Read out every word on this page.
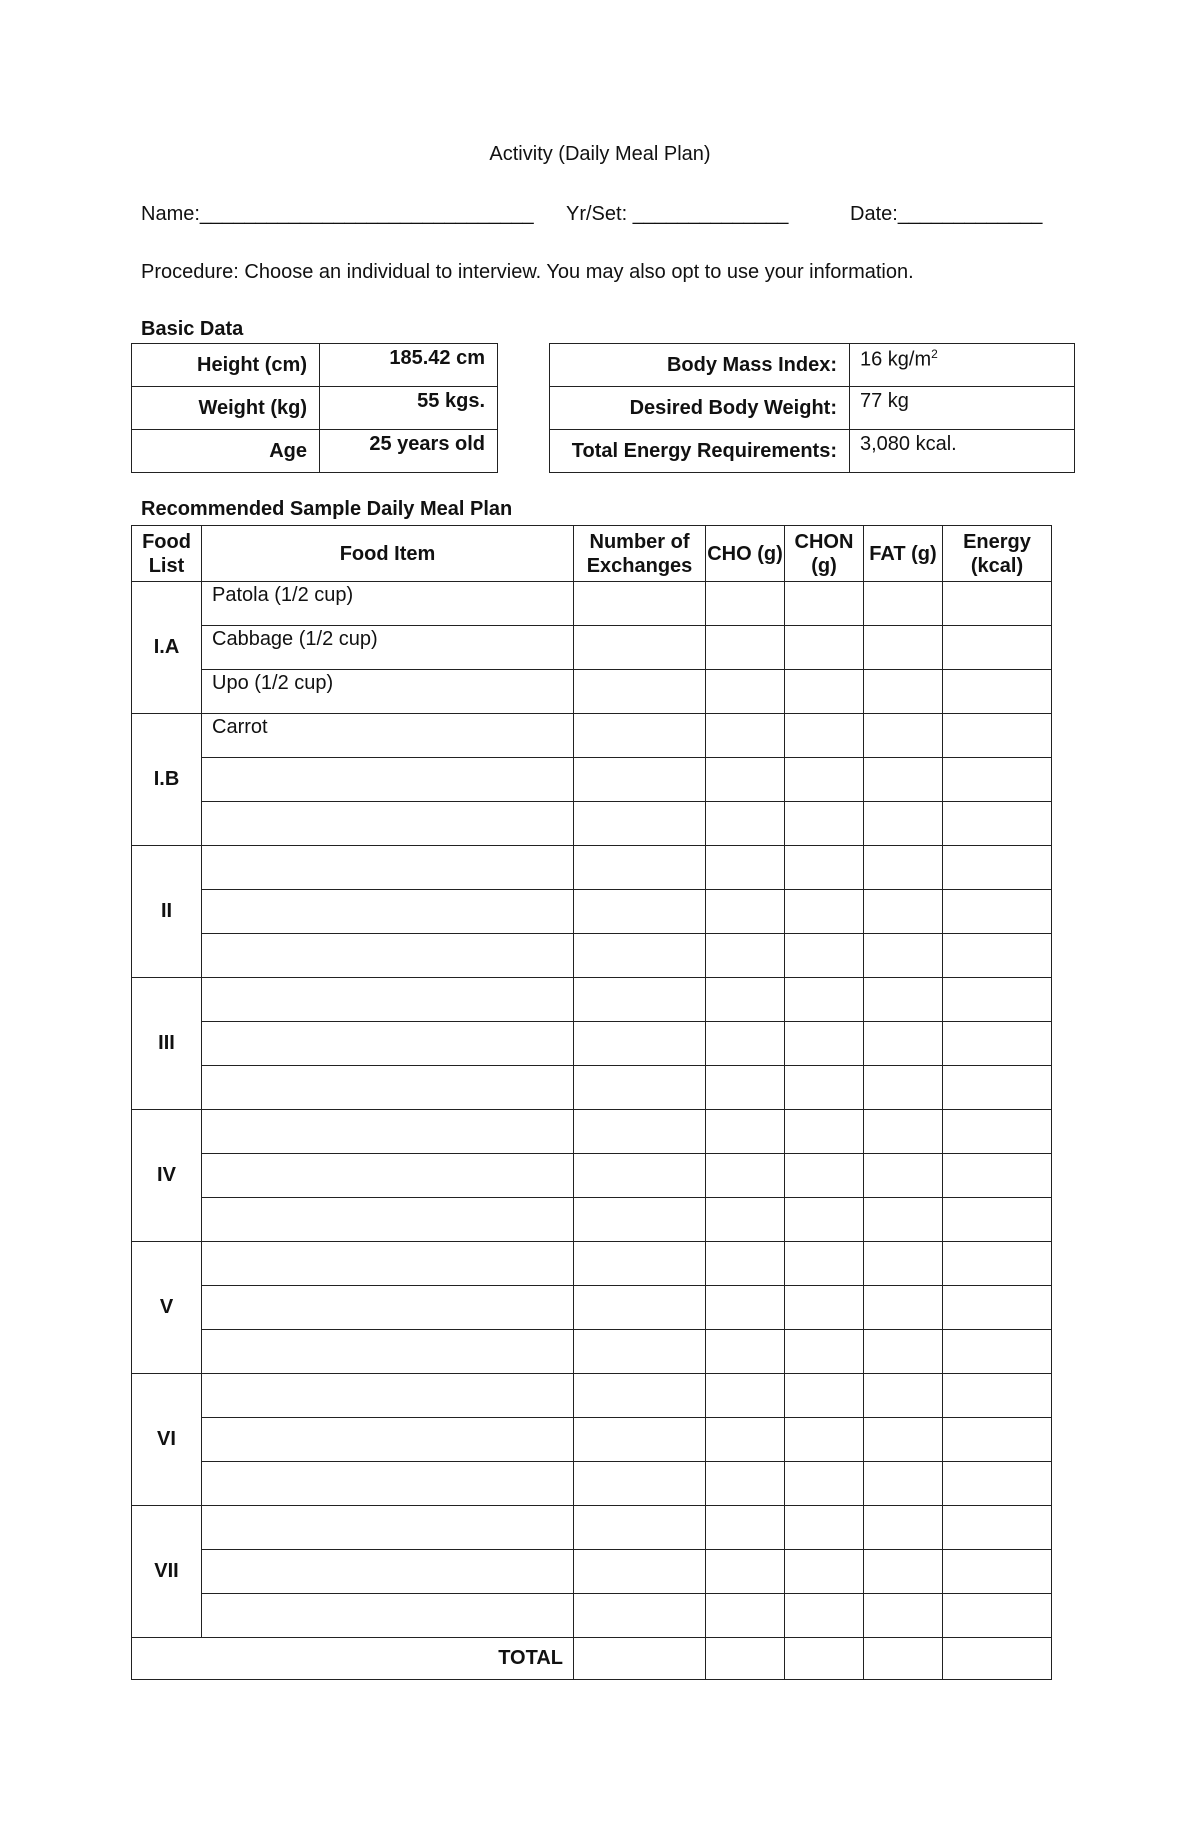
Activity (Daily Meal Plan)
Name:______________________________ Yr/Set: ______________	Date:_____________
Procedure: Choose an individual to interview. You may also opt to use your information.
Basic Data
Height (cm)	185.42 cm
Weight (kg)	55 kgs.
Age	25 years old
Body Mass Index:	16 $kg/m^2$
Desired Body Weight:	77 kg
Total Energy Requirements:	3,080 kcal.
Recommended Sample Daily Meal Plan
Food List	Food Item	Number of Exchanges	CHO (g)	CHON (g)	FAT (g)	Energy (kcal)
I.A	Patola (1/2 cup)					
	Cabbage (1/2 cup)					
	Upo (1/2 cup)					
I.B	Carrot					

II						

III						

IV						

V						

VI						

VII						

TOTAL						
